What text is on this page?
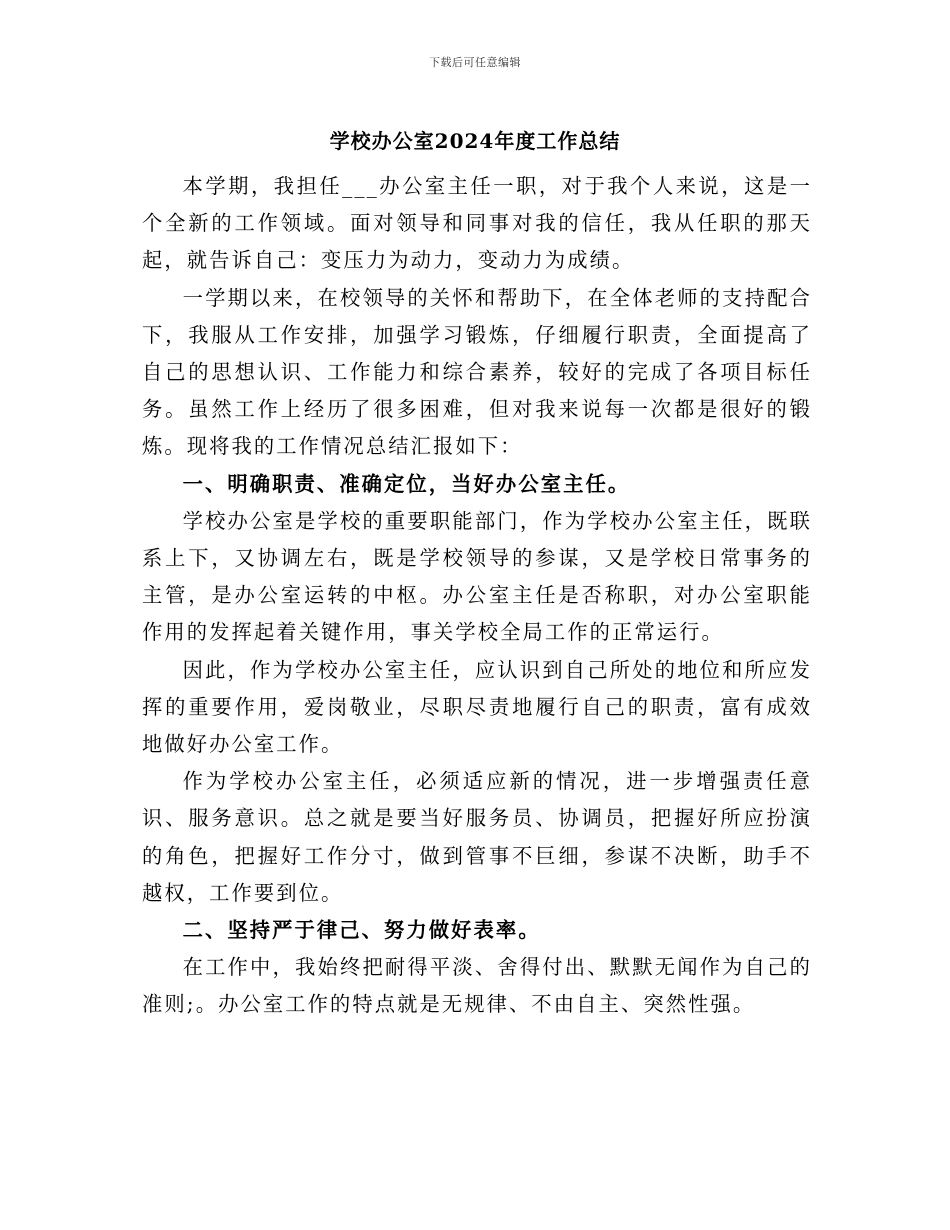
下载后可任意编辑
学校办公室2024年度工作总结

本学期，我担任___办公室主任一职，对于我个人来说，这是一个全新的工作领域。面对领导和同事对我的信任，我从任职的那天起，就告诉自己：变压力为动力，变动力为成绩。

一学期以来，在校领导的关怀和帮助下，在全体老师的支持配合下，我服从工作安排，加强学习锻炼，仔细履行职责，全面提高了自己的思想认识、工作能力和综合素养，较好的完成了各项目标任务。虽然工作上经历了很多困难，但对我来说每一次都是很好的锻炼。现将我的工作情况总结汇报如下：

一、明确职责、准确定位，当好办公室主任。

学校办公室是学校的重要职能部门，作为学校办公室主任，既联系上下，又协调左右，既是学校领导的参谋，又是学校日常事务的主管，是办公室运转的中枢。办公室主任是否称职，对办公室职能作用的发挥起着关键作用，事关学校全局工作的正常运行。

因此，作为学校办公室主任，应认识到自己所处的地位和所应发挥的重要作用，爱岗敬业，尽职尽责地履行自己的职责，富有成效地做好办公室工作。

作为学校办公室主任，必须适应新的情况，进一步增强责任意识、服务意识。总之就是要当好服务员、协调员，把握好所应扮演的角色，把握好工作分寸，做到管事不巨细，参谋不决断，助手不越权，工作要到位。

二、坚持严于律己、努力做好表率。

在工作中，我始终把耐得平淡、舍得付出、默默无闻作为自己的准则;。办公室工作的特点就是无规律、不由自主、突然性强。
